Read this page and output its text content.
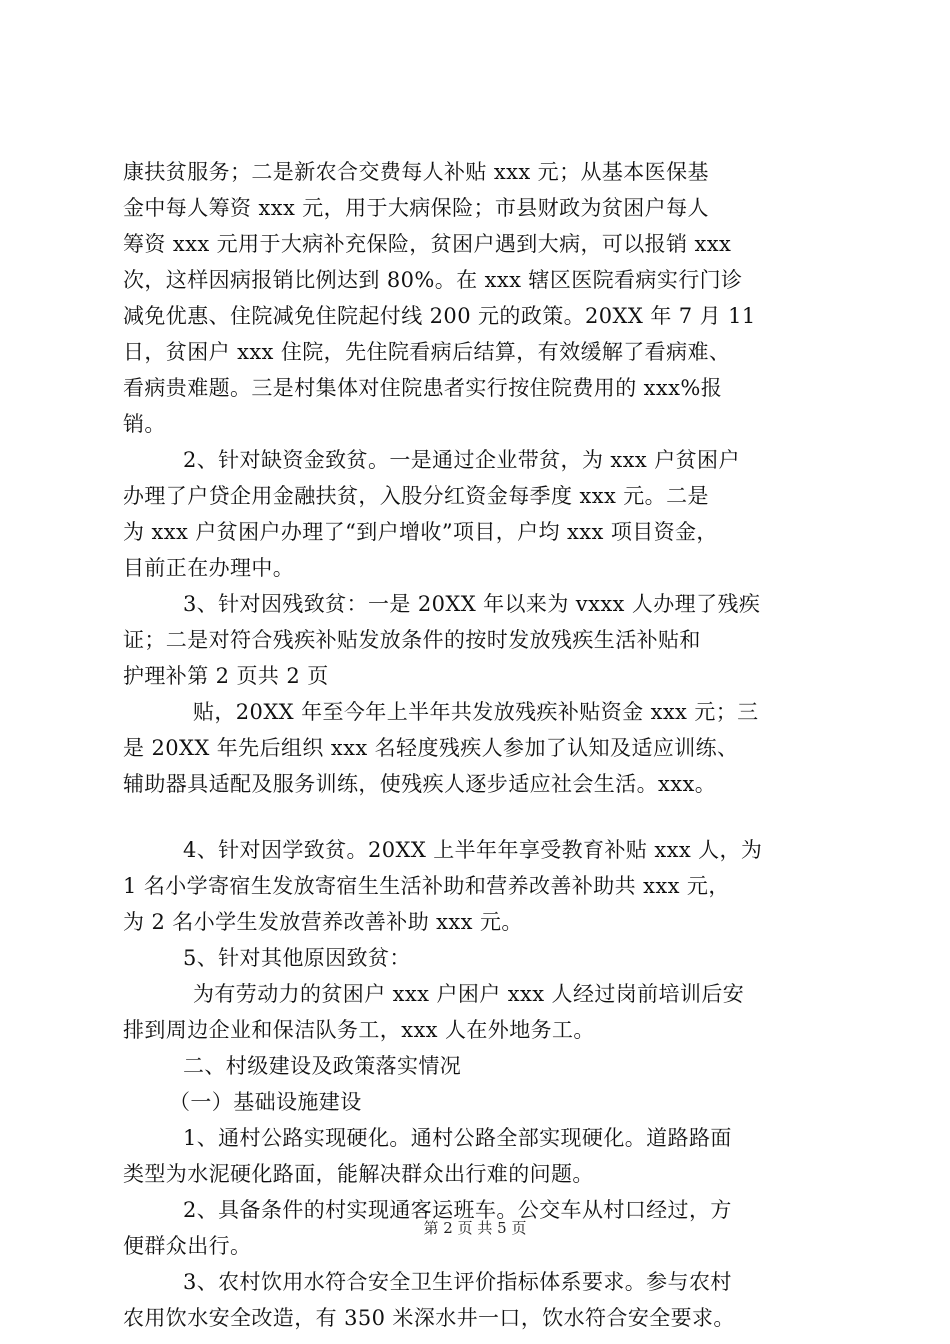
康扶贫服务；二是新农合交费每人补贴 xxx 元；从基本医保基
金中每人筹资 xxx 元，用于大病保险；市县财政为贫困户每人
筹资 xxx 元用于大病补充保险，贫困户遇到大病，可以报销 xxx
次，这样因病报销比例达到 80%。在 xxx 辖区医院看病实行门诊
减免优惠、住院减免住院起付线 200 元的政策。20XX 年 7 月 11
日，贫困户 xxx 住院，先住院看病后结算，有效缓解了看病难、
看病贵难题。三是村集体对住院患者实行按住院费用的 xxx%报
销。
2、针对缺资金致贫。一是通过企业带贫，为 xxx 户贫困户
办理了户贷企用金融扶贫，入股分红资金每季度 xxx 元。二是
为 xxx 户贫困户办理了“到户增收”项目，户均 xxx 项目资金，
目前正在办理中。
3、针对因残致贫：一是 20XX 年以来为 vxxx 人办理了残疾
证；二是对符合残疾补贴发放条件的按时发放残疾生活补贴和
护理补第 2 页共 2 页
贴，20XX 年至今年上半年共发放残疾补贴资金 xxx 元；三
是 20XX 年先后组织 xxx 名轻度残疾人参加了认知及适应训练、
辅助器具适配及服务训练，使残疾人逐步适应社会生活。xxx。
4、针对因学致贫。20XX 上半年年享受教育补贴 xxx 人，为
1 名小学寄宿生发放寄宿生生活补助和营养改善补助共 xxx 元，
为 2 名小学生发放营养改善补助 xxx 元。
5、针对其他原因致贫：
为有劳动力的贫困户 xxx 户困户 xxx 人经过岗前培训后安
排到周边企业和保洁队务工，xxx 人在外地务工。
二、村级建设及政策落实情况
（一）基础设施建设
1、通村公路实现硬化。通村公路全部实现硬化。道路路面
类型为水泥硬化路面，能解决群众出行难的问题。
2、具备条件的村实现通客运班车。公交车从村口经过，方
便群众出行。
3、农村饮用水符合安全卫生评价指标体系要求。参与农村
农用饮水安全改造，有 350 米深水井一口，饮水符合安全要求。
第 2 页 共 5 页
